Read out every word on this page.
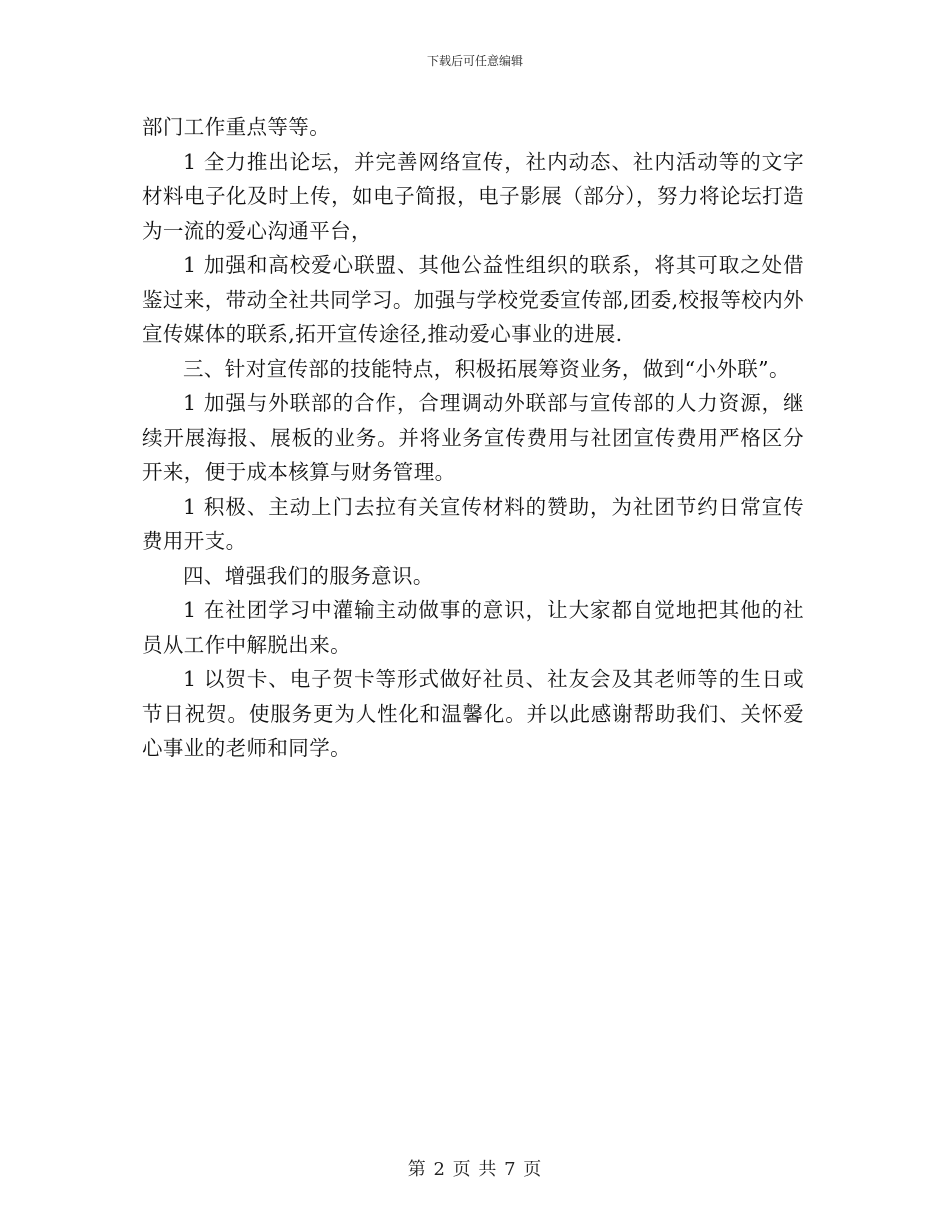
下载后可任意编辑

部门工作重点等等。

1 全力推出论坛，并完善网络宣传，社内动态、社内活动等的文字材料电子化及时上传，如电子简报，电子影展（部分），努力将论坛打造为一流的爱心沟通平台，

1 加强和高校爱心联盟、其他公益性组织的联系，将其可取之处借鉴过来，带动全社共同学习。加强与学校党委宣传部,团委,校报等校内外宣传媒体的联系,拓开宣传途径,推动爱心事业的进展.

三、针对宣传部的技能特点，积极拓展筹资业务，做到“小外联”。

1 加强与外联部的合作，合理调动外联部与宣传部的人力资源，继续开展海报、展板的业务。并将业务宣传费用与社团宣传费用严格区分开来，便于成本核算与财务管理。

1 积极、主动上门去拉有关宣传材料的赞助，为社团节约日常宣传费用开支。

四、增强我们的服务意识。

1 在社团学习中灌输主动做事的意识，让大家都自觉地把其他的社员从工作中解脱出来。

1 以贺卡、电子贺卡等形式做好社员、社友会及其老师等的生日或节日祝贺。使服务更为人性化和温馨化。并以此感谢帮助我们、关怀爱心事业的老师和同学。

第 2 页 共 7 页
